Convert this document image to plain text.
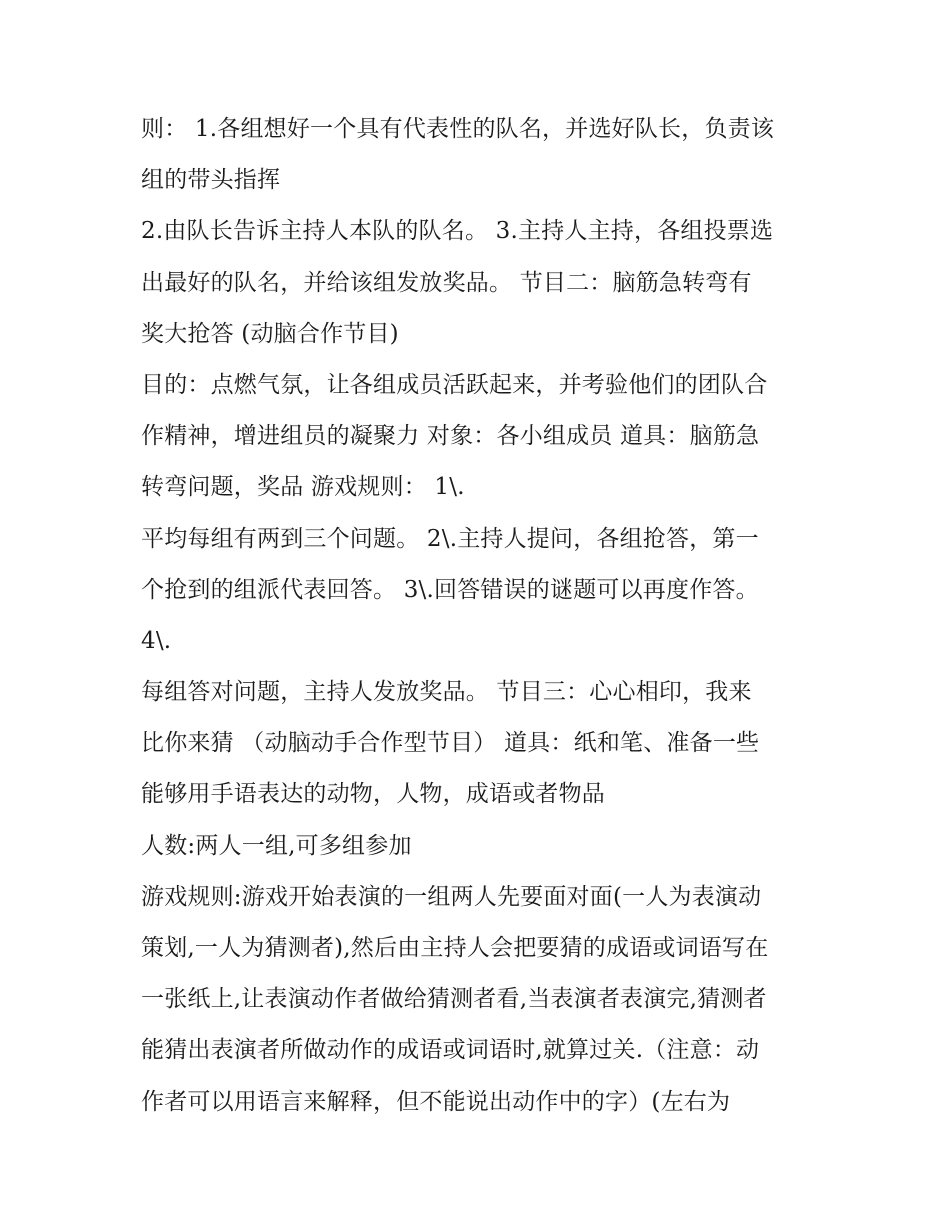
则： 1.各组想好一个具有代表性的队名，并选好队长，负责该
组的带头指挥
2.由队长告诉主持人本队的队名。 3.主持人主持，各组投票选
出最好的队名，并给该组发放奖品。 节目二：脑筋急转弯有
奖大抢答 (动脑合作节目)
目的：点燃气氛，让各组成员活跃起来，并考验他们的团队合
作精神，增进组员的凝聚力 对象：各小组成员 道具：脑筋急
转弯问题，奖品 游戏规则： 1\.
平均每组有两到三个问题。 2\.主持人提问，各组抢答，第一
个抢到的组派代表回答。 3\.回答错误的谜题可以再度作答。
4\.
每组答对问题，主持人发放奖品。 节目三：心心相印，我来
比你来猜 （动脑动手合作型节目） 道具：纸和笔、准备一些
能够用手语表达的动物，人物，成语或者物品
人数:两人一组,可多组参加
游戏规则:游戏开始表演的一组两人先要面对面(一人为表演动
策划,一人为猜测者),然后由主持人会把要猜的成语或词语写在
一张纸上,让表演动作者做给猜测者看,当表演者表演完,猜测者
能猜出表演者所做动作的成语或词语时,就算过关.（注意：动
作者可以用语言来解释，但不能说出动作中的字）(左右为
